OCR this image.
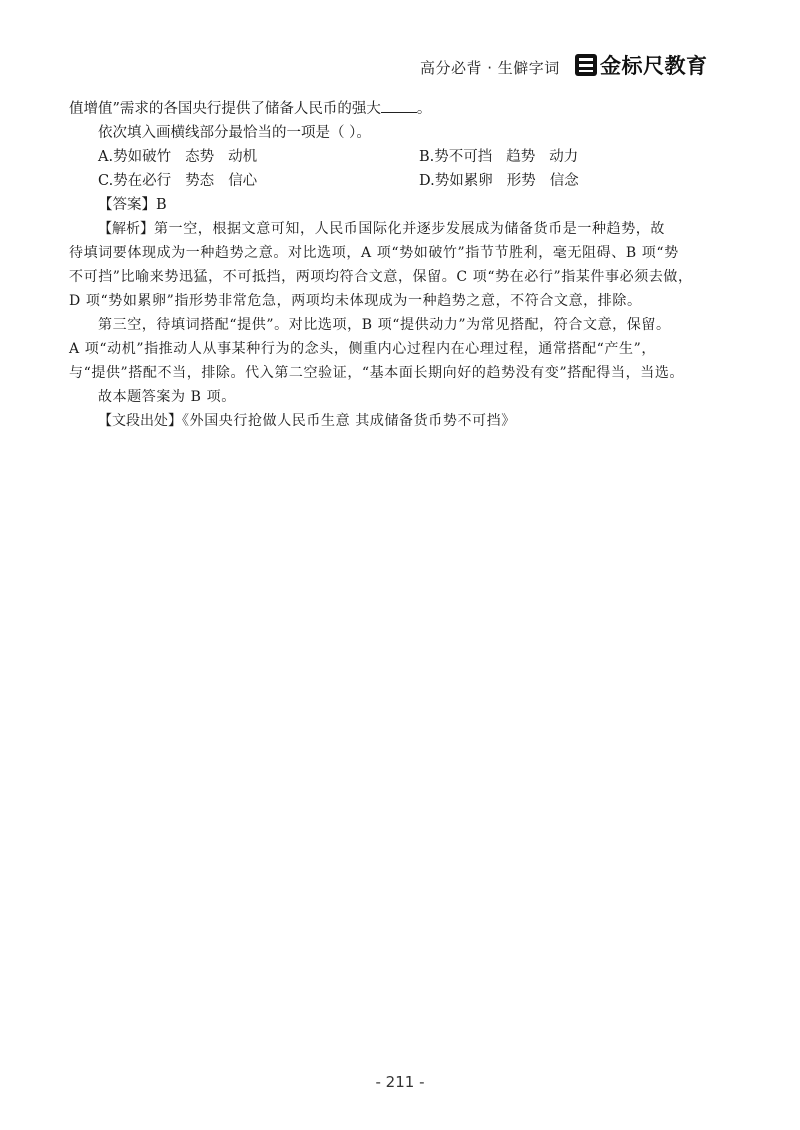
高分必背 · 生僻字词 金标尺教育
值增值”需求的各国央行提供了储备人民币的强大 。
依次填入画横线部分最恰当的一项是（ ）。
A.势如破竹 态势 动机	B.势不可挡 趋势 动力
C.势在必行 势态 信心	D.势如累卵 形势 信念
【答案】B
【解析】第一空，根据文意可知，人民币国际化并逐步发展成为储备货币是一种趋势，故
待填词要体现成为一种趋势之意。对比选项，A 项“势如破竹”指节节胜利，毫无阻碍、B 项“势
不可挡”比喻来势迅猛，不可抵挡，两项均符合文意，保留。C 项“势在必行”指某件事必须去做，
D 项“势如累卵”指形势非常危急，两项均未体现成为一种趋势之意，不符合文意，排除。
第三空，待填词搭配“提供”。对比选项，B 项“提供动力”为常见搭配，符合文意，保留。
A 项“动机”指推动人从事某种行为的念头，侧重内心过程内在心理过程，通常搭配“产生”，
与“提供”搭配不当，排除。代入第二空验证，“基本面长期向好的趋势没有变”搭配得当，当选。
故本题答案为 B 项。
【文段出处】《外国央行抢做人民币生意 其成储备货币势不可挡》
- 211 -
